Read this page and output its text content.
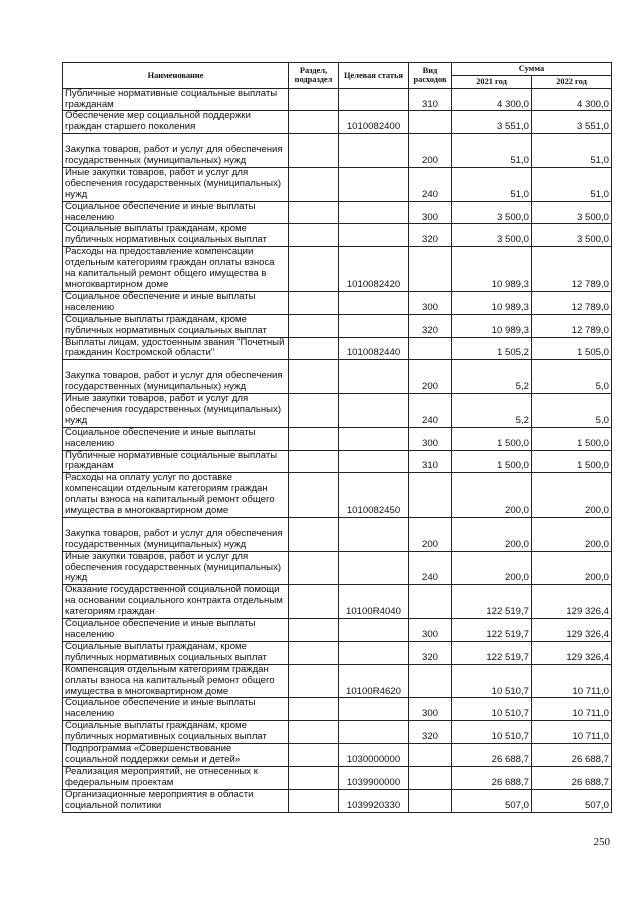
Наименование	Раздел, подраздел	Целевая статья	Вид расходов	Сумма	
				2021 год	2022 год
Публичные нормативные социальные выплаты гражданам			310	4 300,0	4 300,0
Обеспечение мер социальной поддержки граждан старшего поколения		1010082400		3 551,0	3 551,0
Закупка товаров, работ и услуг для обеспечения государственных (муниципальных) нужд			200	51,0	51,0
Иные закупки товаров, работ и услуг для обеспечения государственных (муниципальных) нужд			240	51,0	51,0
Социальное обеспечение и иные выплаты населению			300	3 500,0	3 500,0
Социальные выплаты гражданам, кроме публичных нормативных социальных выплат			320	3 500,0	3 500,0
Расходы на предоставление компенсации отдельным категориям граждан оплаты взноса на капитальный ремонт общего имущества в многоквартирном доме		1010082420		10 989,3	12 789,0
Социальное обеспечение и иные выплаты населению			300	10 989,3	12 789,0
Социальные выплаты гражданам, кроме публичных нормативных социальных выплат			320	10 989,3	12 789,0
Выплаты лицам, удостоенным звания "Почетный гражданин Костромской области"		1010082440		1 505,2	1 505,0
Закупка товаров, работ и услуг для обеспечения государственных (муниципальных) нужд			200	5,2	5,0
Иные закупки товаров, работ и услуг для обеспечения государственных (муниципальных) нужд			240	5,2	5,0
Социальное обеспечение и иные выплаты населению			300	1 500,0	1 500,0
Публичные нормативные социальные выплаты гражданам			310	1 500,0	1 500,0
Расходы на оплату услуг по доставке компенсации отдельным категориям граждан оплаты взноса на капитальный ремонт общего имущества в многоквартирном доме		1010082450		200,0	200,0
Закупка товаров, работ и услуг для обеспечения государственных (муниципальных) нужд			200	200,0	200,0
Иные закупки товаров, работ и услуг для обеспечения государственных (муниципальных) нужд			240	200,0	200,0
Оказание государственной социальной помощи на основании социального контракта отдельным категориям граждан		10100R4040		122 519,7	129 326,4
Социальное обеспечение и иные выплаты населению			300	122 519,7	129 326,4
Социальные выплаты гражданам, кроме публичных нормативных социальных выплат			320	122 519,7	129 326,4
Компенсация отдельным категориям граждан оплаты взноса на капитальный ремонт общего имущества в многоквартирном доме		10100R4620		10 510,7	10 711,0
Социальное обеспечение и иные выплаты населению			300	10 510,7	10 711,0
Социальные выплаты гражданам, кроме публичных нормативных социальных выплат			320	10 510,7	10 711,0
Подпрограмма «Совершенствование социальной поддержки семьи и детей»		1030000000		26 688,7	26 688,7
Реализация мероприятий, не отнесенных к федеральным проектам		1039900000		26 688,7	26 688,7
Организационные мероприятия в области социальной политики		1039920330		507,0	507,0
250
